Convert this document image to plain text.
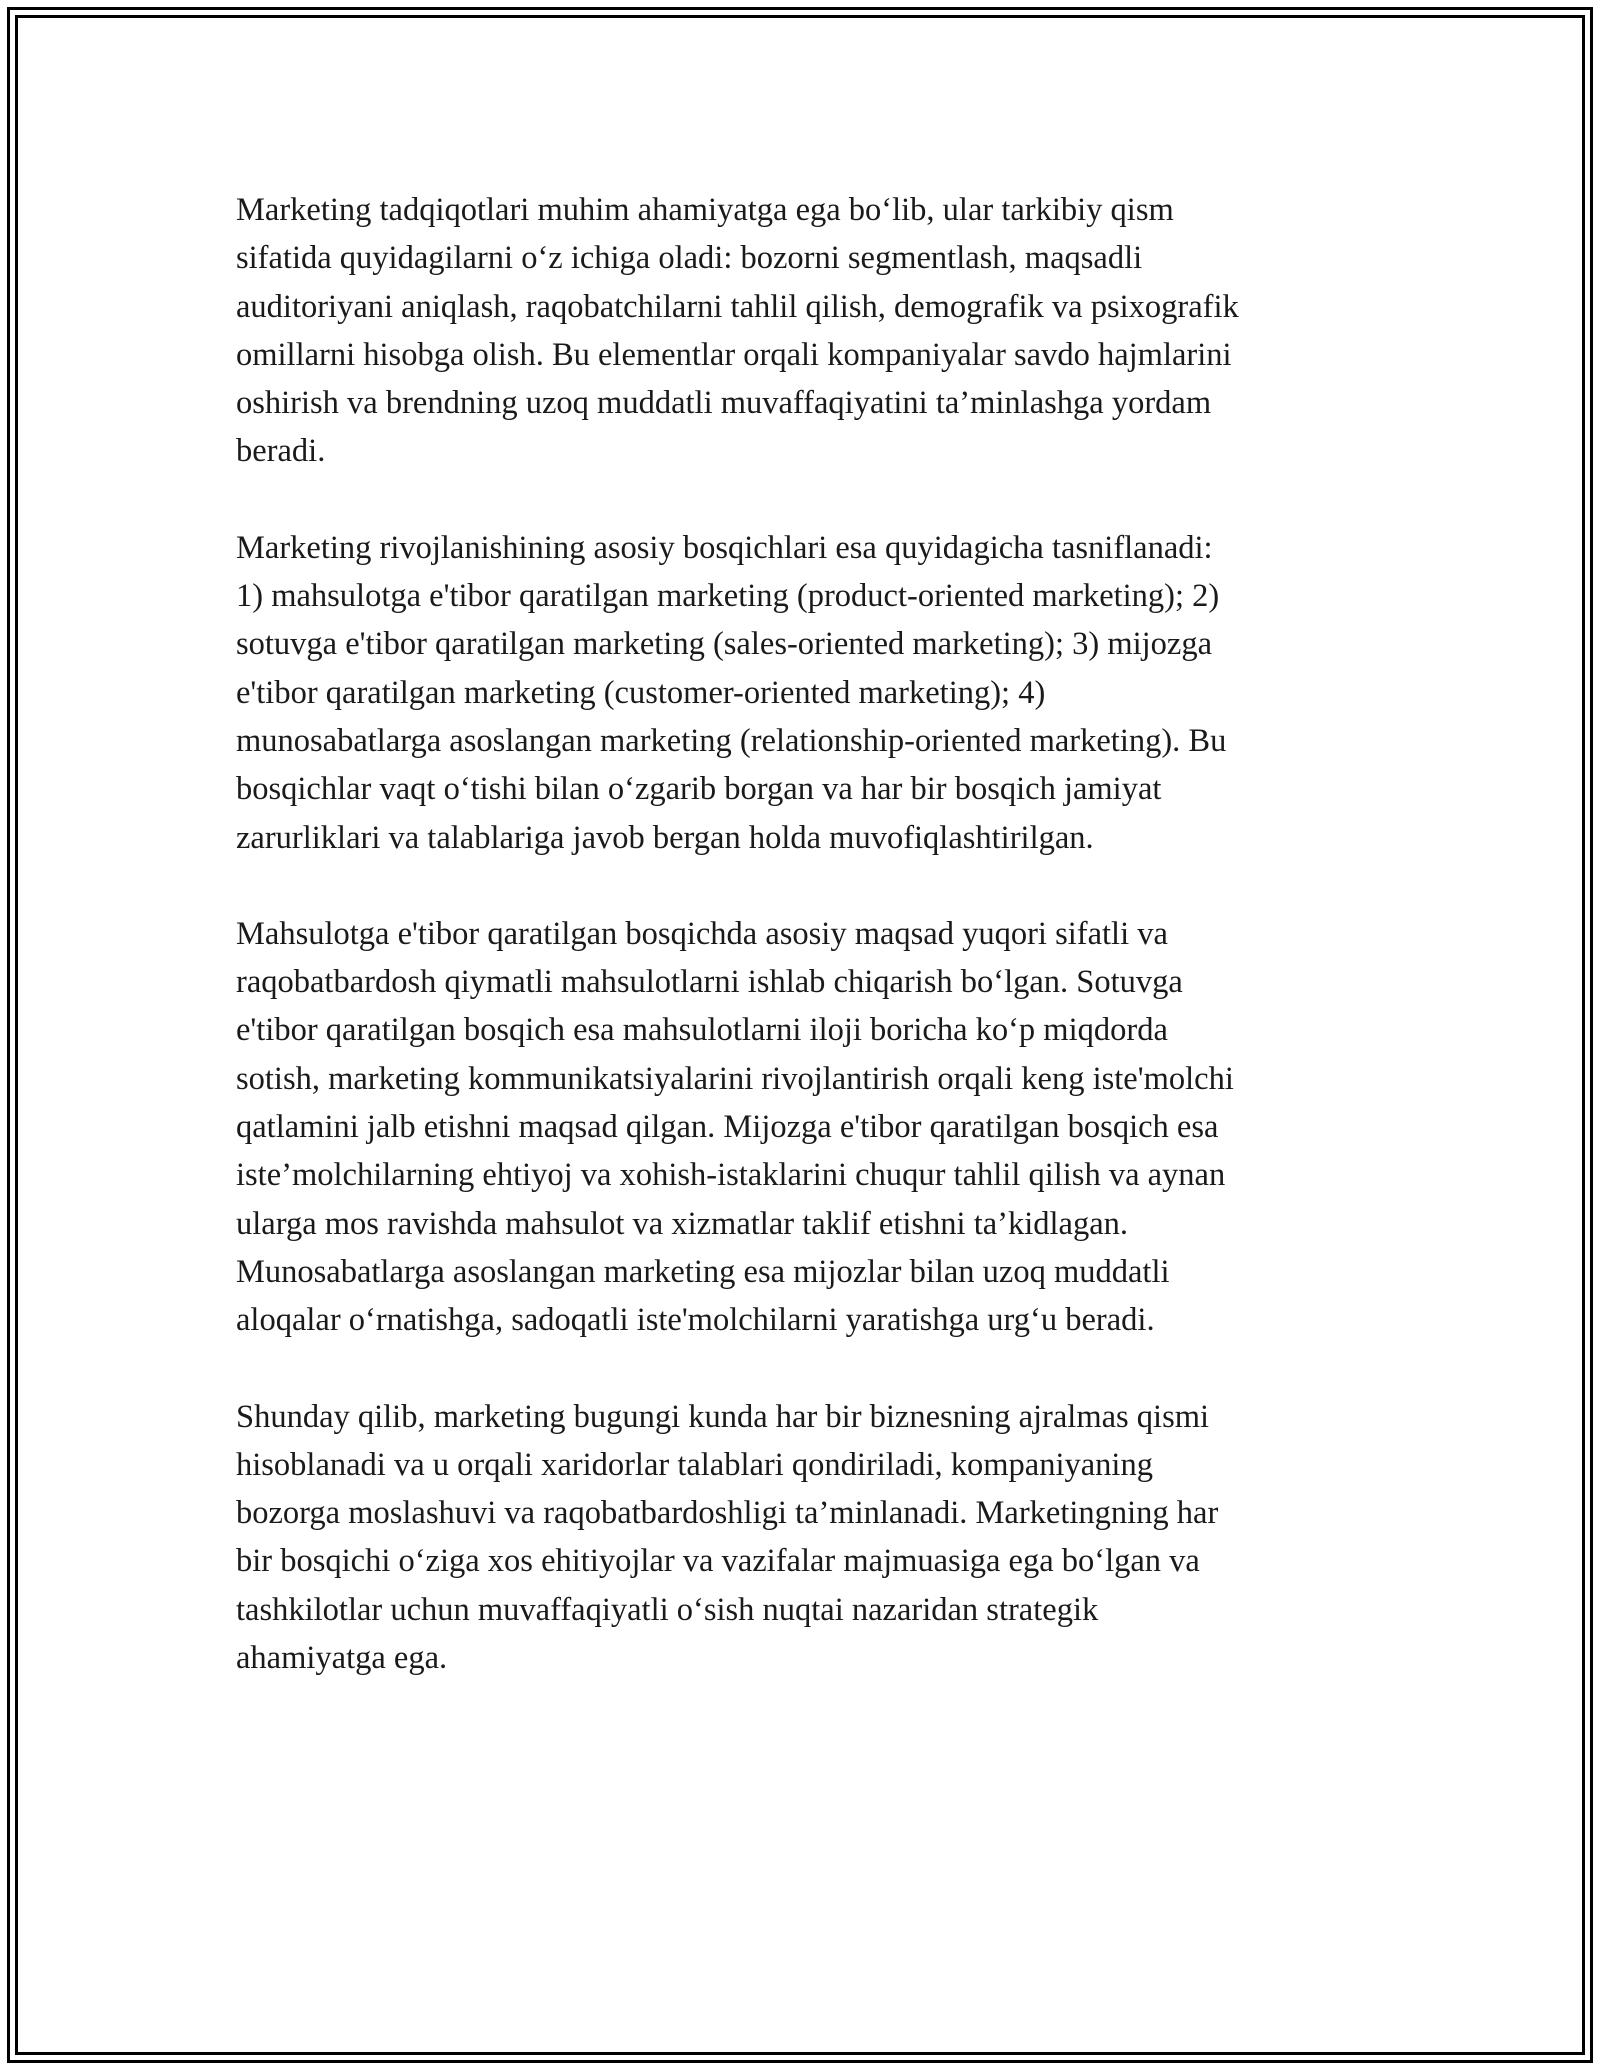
Marketing tadqiqotlari muhim ahamiyatga ega bo‘lib, ular tarkibiy qism
sifatida quyidagilarni o‘z ichiga oladi: bozorni segmentlash, maqsadli
auditoriyani aniqlash, raqobatchilarni tahlil qilish, demografik va psixografik
omillarni hisobga olish. Bu elementlar orqali kompaniyalar savdo hajmlarini
oshirish va brendning uzoq muddatli muvaffaqiyatini ta’minlashga yordam
beradi.

Marketing rivojlanishining asosiy bosqichlari esa quyidagicha tasniflanadi:
1) mahsulotga e'tibor qaratilgan marketing (product-oriented marketing); 2)
sotuvga e'tibor qaratilgan marketing (sales-oriented marketing); 3) mijozga
e'tibor qaratilgan marketing (customer-oriented marketing); 4)
munosabatlarga asoslangan marketing (relationship-oriented marketing). Bu
bosqichlar vaqt o‘tishi bilan o‘zgarib borgan va har bir bosqich jamiyat
zarurliklari va talablariga javob bergan holda muvofiqlashtirilgan.

Mahsulotga e'tibor qaratilgan bosqichda asosiy maqsad yuqori sifatli va
raqobatbardosh qiymatli mahsulotlarni ishlab chiqarish bo‘lgan. Sotuvga
e'tibor qaratilgan bosqich esa mahsulotlarni iloji boricha ko‘p miqdorda
sotish, marketing kommunikatsiyalarini rivojlantirish orqali keng iste'molchi
qatlamini jalb etishni maqsad qilgan. Mijozga e'tibor qaratilgan bosqich esa
iste’molchilarning ehtiyoj va xohish-istaklarini chuqur tahlil qilish va aynan
ularga mos ravishda mahsulot va xizmatlar taklif etishni ta’kidlagan.
Munosabatlarga asoslangan marketing esa mijozlar bilan uzoq muddatli
aloqalar o‘rnatishga, sadoqatli iste'molchilarni yaratishga urg‘u beradi.

Shunday qilib, marketing bugungi kunda har bir biznesning ajralmas qismi
hisoblanadi va u orqali xaridorlar talablari qondiriladi, kompaniyaning
bozorga moslashuvi va raqobatbardoshligi ta’minlanadi. Marketingning har
bir bosqichi o‘ziga xos ehitiyojlar va vazifalar majmuasiga ega bo‘lgan va
tashkilotlar uchun muvaffaqiyatli o‘sish nuqtai nazaridan strategik
ahamiyatga ega.
